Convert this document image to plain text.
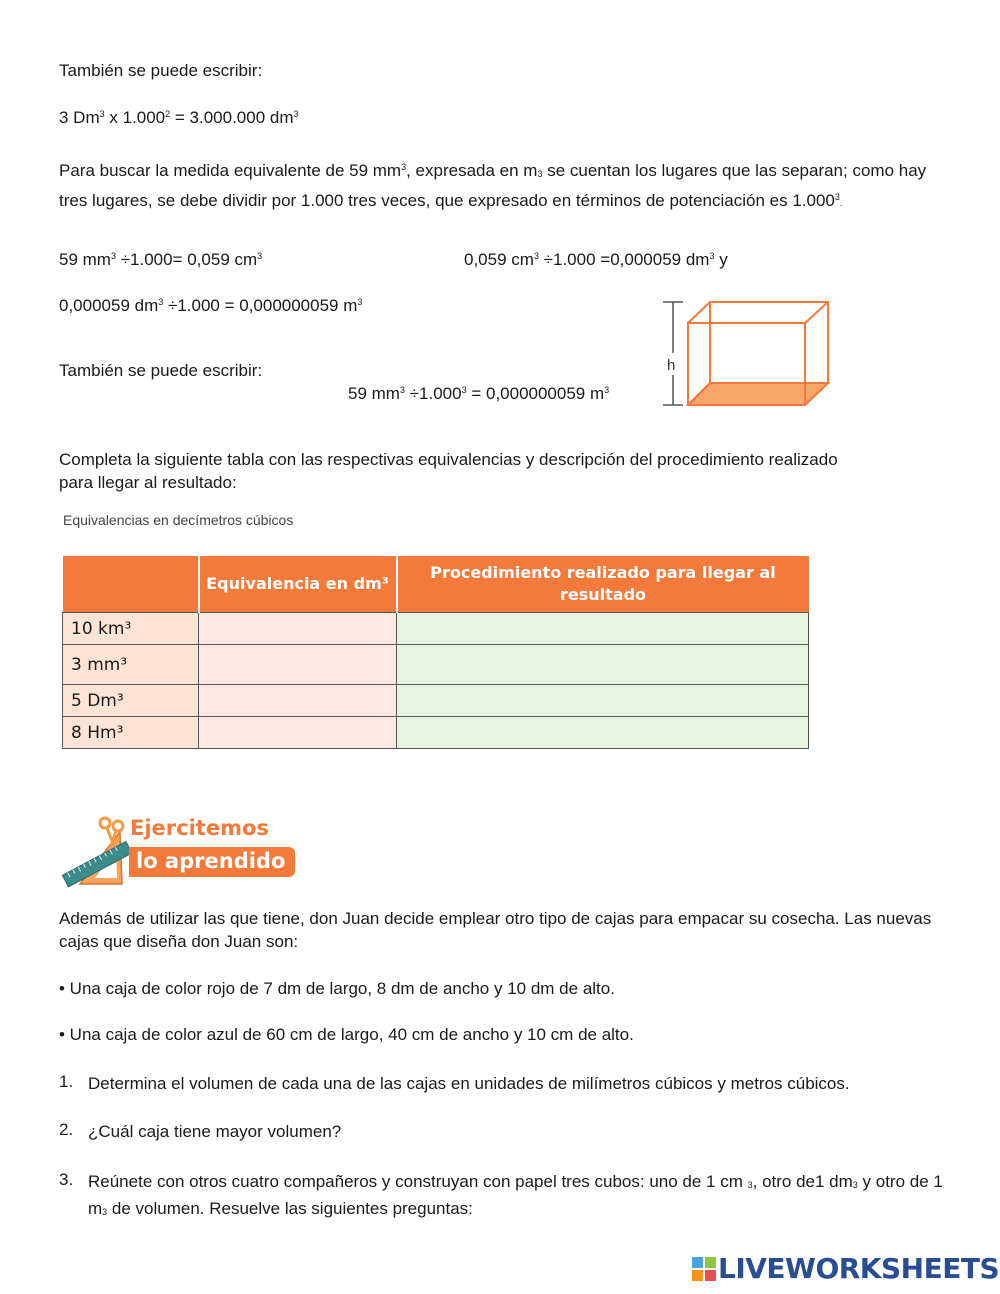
También se puede escribir:
3 Dm$^3$ x $1.000^2 = 3.000.000$ $dm^3$
Para buscar la medida equivalente de 59 $mm^3$, expresada en $m_3$ se cuentan los lugares que las separan; como hay tres lugares, se debe dividir por 1.000 tres veces, que expresado en términos de potenciación es 1.000$^3$.
59 $mm^3 \div 1.000= 0,059$ $cm^3$	0,059 $cm^3 \div 1.000 =0,000059$ $dm^3$ y
0,000059 $dm^3 \div 1.000 = 0,000000059$ $m^3$
También se puede escribir:
59 $mm^3 \div 1.000^3 = 0,000000059$ $m^3$
h
Completa la siguiente tabla con las respectivas equivalencias y descripción del procedimiento realizado para llegar al resultado:
Equivalencias en decímetros cúbicos
	Equivalencia en dm³	Procedimiento realizado para llegar al resultado
10 km³		
3 mm³		
5 Dm³		
8 Hm³		
Ejercitemos
lo aprendido
Además de utilizar las que tiene, don Juan decide emplear otro tipo de cajas para empacar su cosecha. Las nuevas cajas que diseña don Juan son:
• Una caja de color rojo de 7 dm de largo, 8 dm de ancho y 10 dm de alto.
• Una caja de color azul de 60 cm de largo, 40 cm de ancho y 10 cm de alto.
1. Determina el volumen de cada una de las cajas en unidades de milímetros cúbicos y metros cúbicos.
2. ¿Cuál caja tiene mayor volumen?
3. Reúnete con otros cuatro compañeros y construyan con papel tres cubos: uno de 1 cm $_3$, otro de1 $dm_3$ y otro de 1 $m_3$ de volumen. Resuelve las siguientes preguntas:
LIVEWORKSHEETS
